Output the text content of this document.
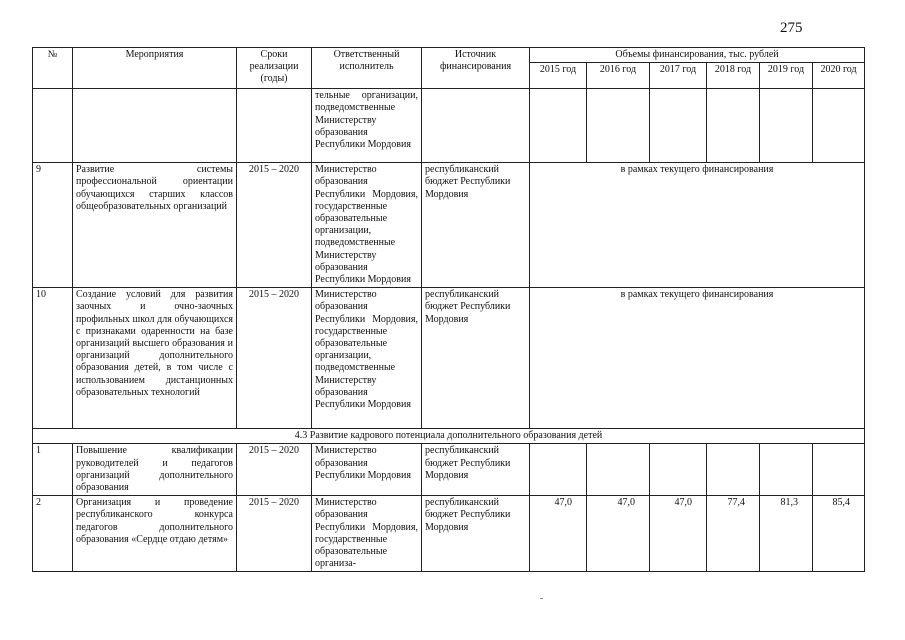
275
№	Мероприятия	Сроки реализации (годы)	Ответственный исполнитель	Источник финансирования	Объемы финансирования, тыс. рублей					
					2015 год	2016 год	2017 год	2018 год	2019 год	2020 год
			тельные организации, подведомственные Министерству образования Республики Мордовия							
9	Развитие системы профессиональной ориентации обучающихся старших классов общеобразовательных организаций	2015 – 2020	Министерство образования Республики Мордовия, государственные образовательные организации, подведомственные Министерству образования Республики Мордовия	республиканский бюджет Республики Мордовия	в рамках текущего финансирования					
10	Создание условий для развития заочных и очно-заочных профильных школ для обучающихся с признаками одаренности на базе организаций высшего образования и организаций дополнительного образования детей, в том числе с использованием дистанционных образовательных технологий	2015 – 2020	Министерство образования Республики Мордовия, государственные образовательные организации, подведомственные Министерству образования Республики Мордовия	республиканский бюджет Республики Мордовия	в рамках текущего финансирования					
4.3 Развитие кадрового потенциала дополнительного образования детей										
1	Повышение квалификации руководителей и педагогов организаций дополнительного образования	2015 – 2020	Министерство образования Республики Мордовия	республиканский бюджет Республики Мордовия						
2	Организация и проведение республиканского конкурса педагогов дополнительного образования «Сердце отдаю детям»	2015 – 2020	Министерство образования Республики Мордовия, государственные образовательные организа-	республиканский бюджет Республики Мордовия	47,0	47,0	47,0	77,4	81,3	85,4
